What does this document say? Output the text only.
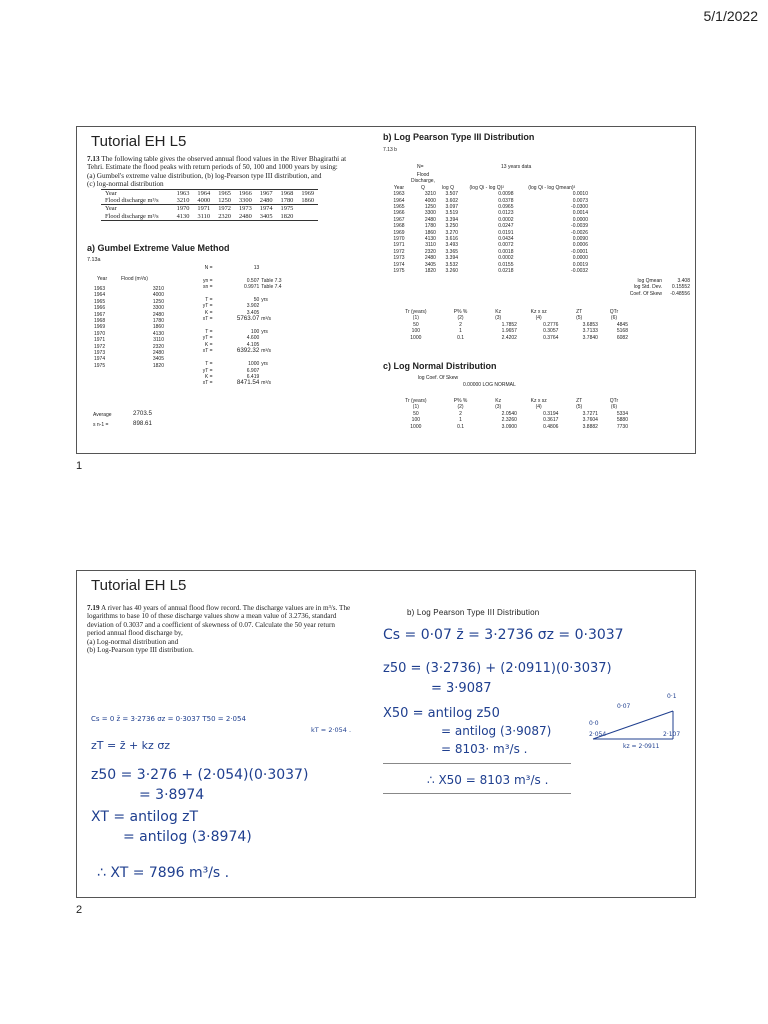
5/1/2022
Tutorial EH L5
7.13 The following table gives the observed annual flood values in the River Bhagirathi at
Tehri. Estimate the flood peaks with return periods of 50, 100 and 1000 years by using:
(a) Gumbel's extreme value distribution, (b) log-Pearson type III distribution, and
(c) log-normal distribution

Year	1963	1964	1965	1966	1967	1968	1969
Flood discharge m³/s	3210	4000	1250	3300	2480	1780	1860
Year	1970	1971	1972	1973	1974	1975	
Flood discharge m³/s	4130	3110	2320	2480	3405	1820	
a) Gumbel Extreme Value Method
7.13a
Year	Flood (m³/s)
1963	3210
1964	4000
1965	1250
1966	3300
1967	2480
1968	1780
1969	1860
1970	4130
1971	3110
1972	2320
1973	2480
1974	3405
1975	1820
Average	2703.5
s n-1 =	898.61
N =	13	

yn =	0.507	Table 7.3
sn =	0.9971	Table 7.4

T =	50	yrs
yT =	3.902	
K =	3.405	
xT =	5763.07	m³/s

T =	100	yrs
yT =	4.600	
K =	4.105	
xT =	6392.32	m³/s

T =	1000	yrs
yT =	6.907	
K =	6.419	
xT =	8471.54	m³/s
b) Log Pearson Type III Distribution
7.13 b
N=	13 years data
Year	Flood Discharge, Q	log Q	(log Qi - log Q)²	(log Qi - log Qmean)³
1963	3210	3.507	0.0098	0.0010
1964	4000	3.602	0.0378	0.0073
1965	1250	3.097	0.0965	-0.0300
1966	3300	3.519	0.0123	0.0014
1967	2480	3.394	0.0002	0.0000
1968	1780	3.250	0.0247	-0.0039
1969	1860	3.270	0.0191	-0.0026
1970	4130	3.616	0.0434	0.0090
1971	3110	3.493	0.0072	0.0006
1972	2320	3.365	0.0018	-0.0001
1973	2480	3.394	0.0002	0.0000
1974	3405	3.532	0.0155	0.0019
1975	1820	3.260	0.0218	-0.0032
log Qmean	3.408
log Std. Dev.	0.15552
Coef. Of Skew	-0.48556
Tr (years)	P% %	Kz	Kz x sz	ZT	QTr
(1)	(2)	(3)	(4)	(5)	(6)
50	2	1.7852	0.2776	3.6853	4845
100	1	1.9657	0.3057	3.7133	5168
1000	0.1	2.4202	0.3764	3.7840	6082
c) Log Normal Distribution
log Coef. Of Skew
0.00000 LOG NORMAL
Tr (years)	P% %	Kz	Kz x sz	ZT	QTr
(1)	(2)	(3)	(4)	(5)	(6)
50	2	2.0540	0.3194	3.7271	5334
100	1	2.3260	0.3617	3.7604	5880
1000	0.1	3.0900	0.4806	3.8882	7730
1
Tutorial EH L5
7.19 A river has 40 years of annual flood flow record. The discharge values are in m³/s. The
logarithms to base 10 of these discharge values show a mean value of 3.2736, standard
deviation of 0.3037 and a coefficient of skewness of 0.07. Calculate the 50 year return
period annual flood discharge by,
(a) Log-normal distribution and
(b) Log-Pearson type III distribution.

b) Log Pearson Type III Distribution
Cs = 0·07 z̄ = 3·2736 σz = 0·3037
z50 = (3·2736) + (2·0911)(0·3037)
= 3·9087
X50 = antilog z50
= antilog (3·9087)
= 8103· m³/s .
∴ X50 = 8103 m³/s .
0·1
0·07
0·0
2·054	2·107
kz = 2·0911
Cs = 0 z̄ = 3·2736 σz = 0·3037 T50 = 2·054
kT = 2·054 .
zT = z̄ + kz σz
z50 = 3·276 + (2·054)(0·3037)
= 3·8974
XT = antilog zT
= antilog (3·8974)
∴ XT = 7896 m³/s .
2
